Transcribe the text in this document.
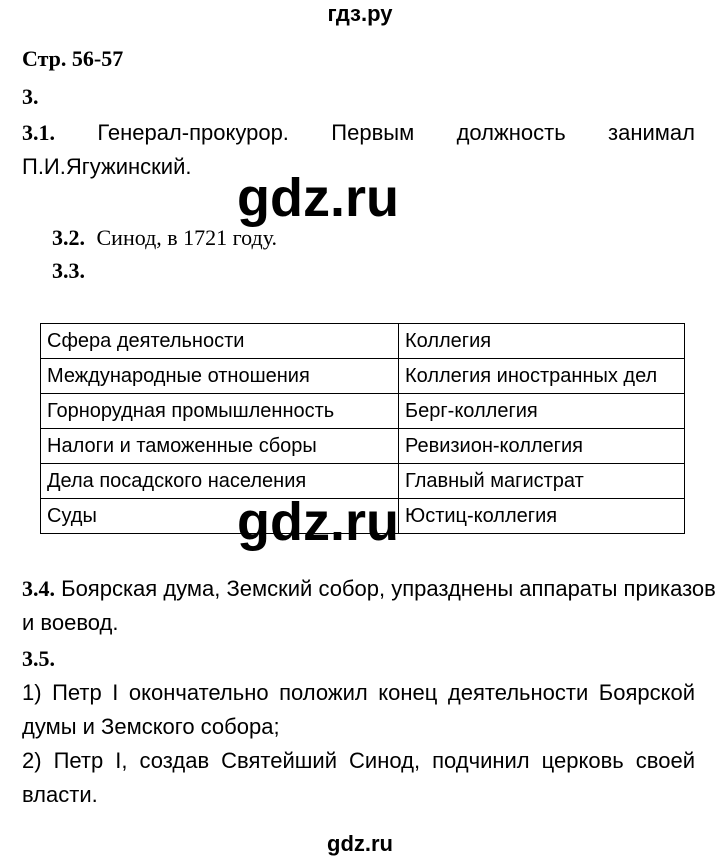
гдз.ру
Стр. 56-57
3.
3.1. Генерал-прокурор. Первым должность занимал
П.И.Ягужинский.
gdz.ru
3.2. Синод, в 1721 году.
3.3.
Сфера деятельности	Коллегия
Международные отношения	Коллегия иностранных дел
Горнорудная промышленность	Берг-коллегия
Налоги и таможенные сборы	Ревизион-коллегия
Дела посадского населения	Главный магистрат
Суды	Юстиц-коллегия
gdz.ru
3.4. Боярская дума, Земский собор, упразднены аппараты приказов
и воевод.
3.5.
1) Петр I окончательно положил конец деятельности Боярской
думы и Земского собора;
2) Петр I, создав Святейший Синод, подчинил церковь своей
власти.
gdz.ru
